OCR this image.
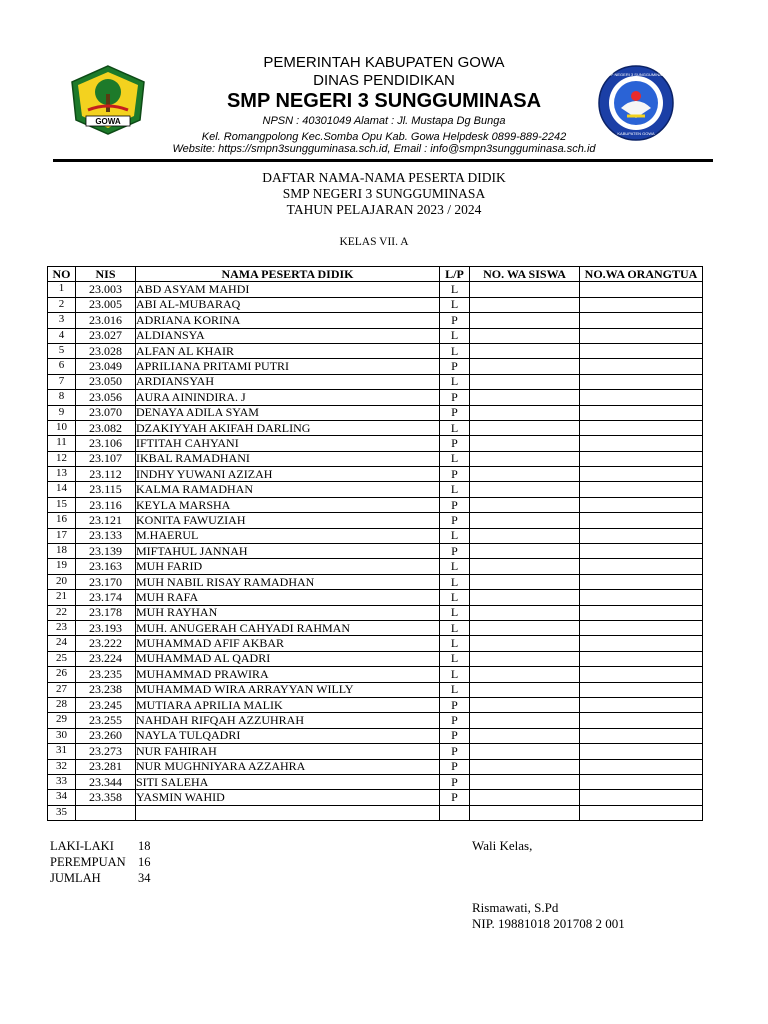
GOWA
SMP NEGERI 3 SUNGGUMINASA
KABUPATEN GOWA
PEMERINTAH KABUPATEN GOWA
DINAS PENDIDIKAN
SMP NEGERI 3 SUNGGUMINASA
NPSN : 40301049 Alamat : Jl. Mustapa Dg Bunga
Kel. Romangpolong Kec.Somba Opu Kab. Gowa Helpdesk 0899-889-2242
Website: https://smpn3sungguminasa.sch.id, Email : info@smpn3sungguminasa.sch.id
DAFTAR NAMA-NAMA PESERTA DIDIK
SMP NEGERI 3 SUNGGUMINASA
TAHUN PELAJARAN 2023 / 2024
KELAS VII. A
NO	NIS	NAMA PESERTA DIDIK	L/P	NO. WA SISWA	NO.WA ORANGTUA
1	23.003	ABD ASYAM MAHDI	L		
2	23.005	ABI AL-MUBARAQ	L		
3	23.016	ADRIANA KORINA	P		
4	23.027	ALDIANSYA	L		
5	23.028	ALFAN AL KHAIR	L		
6	23.049	APRILIANA PRITAMI PUTRI	P		
7	23.050	ARDIANSYAH	L		
8	23.056	AURA AININDIRA. J	P		
9	23.070	DENAYA ADILA SYAM	P		
10	23.082	DZAKIYYAH AKIFAH DARLING	L		
11	23.106	IFTITAH CAHYANI	P		
12	23.107	IKBAL RAMADHANI	L		
13	23.112	INDHY YUWANI AZIZAH	P		
14	23.115	KALMA RAMADHAN	L		
15	23.116	KEYLA MARSHA	P		
16	23.121	KONITA FAWUZIAH	P		
17	23.133	M.HAERUL	L		
18	23.139	MIFTAHUL JANNAH	P		
19	23.163	MUH FARID	L		
20	23.170	MUH NABIL RISAY RAMADHAN	L		
21	23.174	MUH RAFA	L		
22	23.178	MUH RAYHAN	L		
23	23.193	MUH. ANUGERAH CAHYADI RAHMAN	L		
24	23.222	MUHAMMAD AFIF AKBAR	L		
25	23.224	MUHAMMAD AL QADRI	L		
26	23.235	MUHAMMAD PRAWIRA	L		
27	23.238	MUHAMMAD WIRA ARRAYYAN WILLY	L		
28	23.245	MUTIARA APRILIA MALIK	P		
29	23.255	NAHDAH RIFQAH AZZUHRAH	P		
30	23.260	NAYLA TULQADRI	P		
31	23.273	NUR FAHIRAH	P		
32	23.281	NUR MUGHNIYARA AZZAHRA	P		
33	23.344	SITI SALEHA	P		
34	23.358	YASMIN WAHID	P		
35					
LAKI-LAKI	18
PEREMPUAN 16
JUMLAH	34
Wali Kelas,
Rismawati, S.Pd
NIP. 19881018 201708 2 001
